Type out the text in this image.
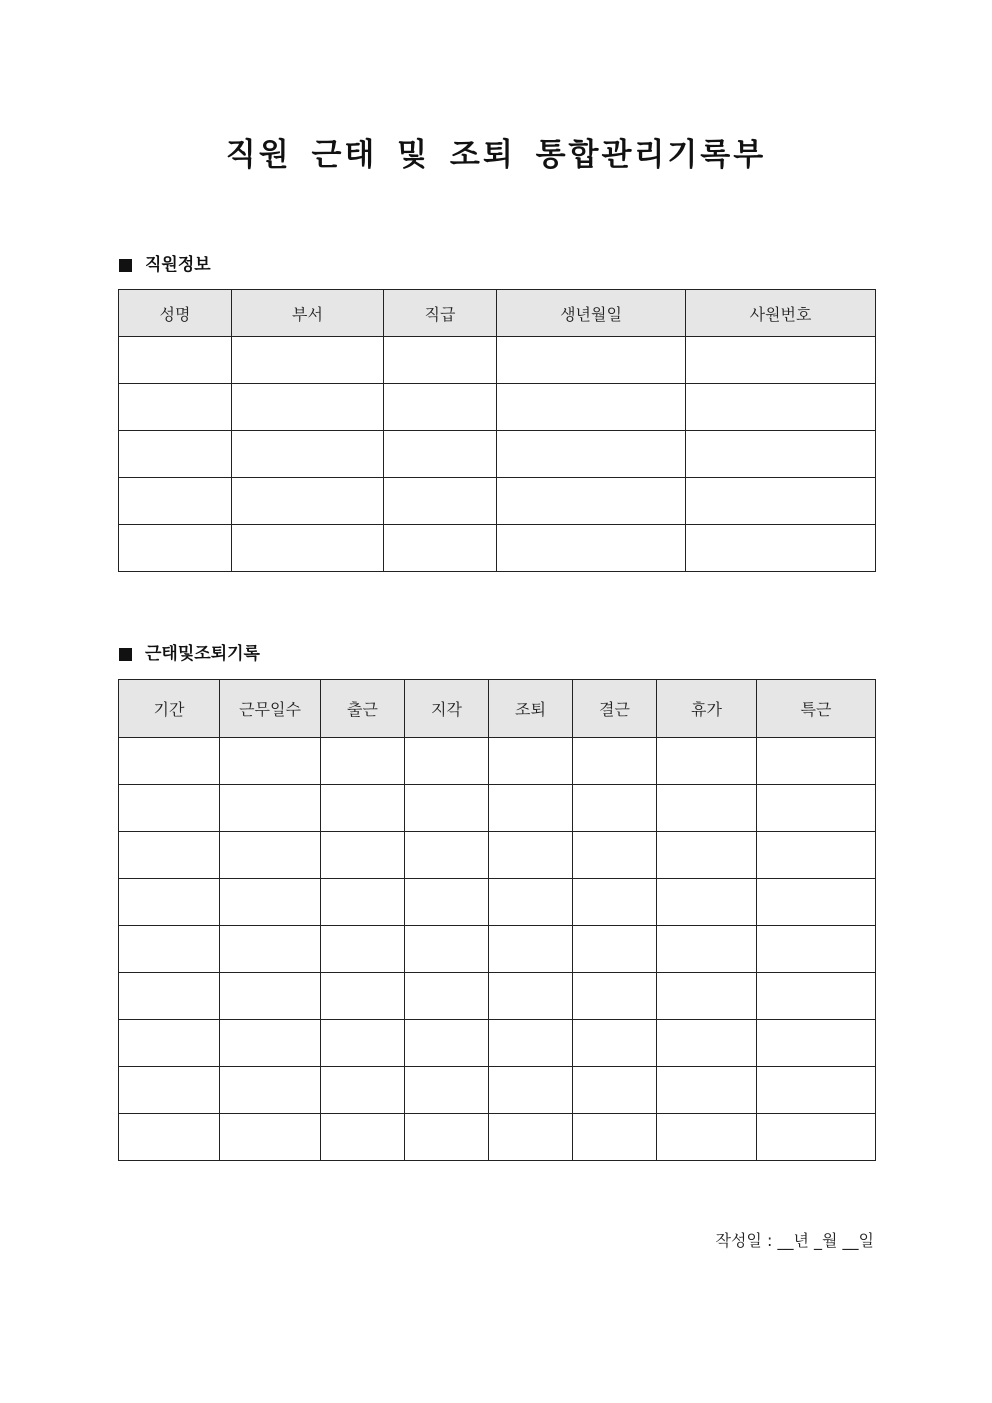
직원 근태 및 조퇴 통합관리기록부
직원정보
성명	부서	직급	생년월일	사원번호

근태및조퇴기록
기간	근무일수	출근	지각	조퇴	결근	휴가	특근

작성일 : __년 _월 __일
